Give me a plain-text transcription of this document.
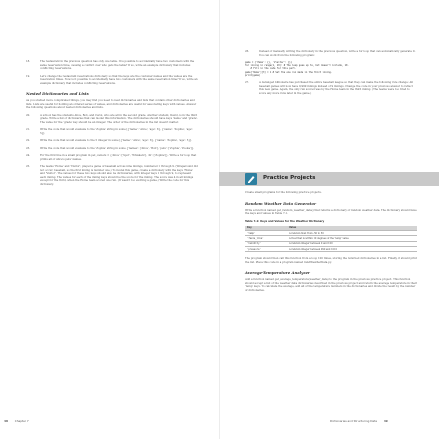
18.	The restaurant in the previous question has only one table. It is possible to accidentally have two customers with the same reservation time, causing a conflict over who gets the table? If so, write an example dictionary that includes conflicting reservations.
19.	Let's change the restaurant reservations dictionary so that the keys are the customer names and the values are the reservation times. Now is it possible to accidentally have two customers with the same reservation time? If so, write an example dictionary that includes conflicting reservations.
Nested Dictionaries and Lists
As you studied more complicated things, you may find you need to nest dictionaries and lists that contain other dictionaries and lists. Lists are useful for holding an ordered series of values, and dictionaries are useful for associating keys with values. Answer the following questions about nested dictionaries and lists.
20.	A school has the students Alice, Bob, and Carol, who are all in the second grade. Another student, David, is in the third grade. Write a list of dictionaries that can model this information. The dictionaries should have keys 'name' and 'grade'. The value for the 'grade' key should be an integer. The order of the dictionaries in the list doesn't matter.
21.	Write the code that would evaluate to the 'Zophie' string in some [{'name': 'Alice', 'age': 8}, {'name': 'Zophie', 'age': 5}].
22.	Write the code that would evaluate to the 5 integer in some [{'name': 'Alice', 'age': 8}, {'name': 'Zophie', 'age': 5}].
23.	Write the code that would evaluate to the 'Zophie' string in some {'names': ['Alice', 'Bob'], 'pets': ['Zophie', 'Pooka']}.
24.	For the first line in a small program in pet_owners = {'Alice': ['Spot', 'Whiskers'], 'Al': ['Zophie']}. Write a for loop that prints all of Alice's pets' names.
25.	The teams 'Home' and 'Visitor', played a game of baseball across nine innings, numbered 1 through 9. (Wraparound did not occur; baseball, so the first inning is number one.) To model this game, create a dictionary with the keys 'Home' and 'Visitor'. The values for these two keys should also be dictionaries, with integer keys 1 through 9, to represent each inning. The values for each of the inning keys should be the score for the inning. The score was 4 in all innings except for the third, when the Home team scored one run. (It wasn't too exciting a game.) Write the code for this dictionary.
26.	Instead of manually writing the dictionary in the previous question, write a for loop that can automatically generate it. You can work from the following program:
game = {'Home': {}, 'Visitor': {}}
for inning in range(1, 10): # The loop goes up to, but doesn't include, 10.
# Fill in the code for this part.
game['Home'][3] = 1 # Set the one run made in the third inning.
print(game)
27.	A deranged billionaire has purchased the entire baseball league so that they can make the following rule change: All baseball games will now have 9,999 innings instead of 9 innings. Change the code in your previous answer to reflect this new game. Again, the only run scored was by the Home team in the third inning. (The teams were too tired to score any more runs later in the game.)
Practice Projects
Create small programs for the following practice projects.
Random Weather Data Generator
Write a function named get_random_weather_data() that returns a dictionary of random weather data. The dictionary should have the keys and values in Table 7-1.
Table 7-1: Keys and Values for the Weather Dictionary
Key	Value
'temp'	A random float from -50 to 50
'feels_like'	A float that is within 10 degrees of the 'temp' value
'humidity'	A random integer between 0 and 100
'pressure'	A random integer between 990 and 1010
The program should then call this function from a loop 100 times, storing the returned dictionaries in a list. Finally, it should print the list. Place this code in a program named randWeatherData.py.
Average-Temperature Analyzer
Add a function named get_average_temperature(weather_data) to the program in the previous practice project. This function should accept a list of the weather data dictionaries described in the previous project and return the average temperature in their 'temp' keys. To calculate the average, add all of the temperature numbers in the dictionaries and divide the result by the number of dictionaries.
48 Chapter 7	Dictionaries and Structuring Data 49
